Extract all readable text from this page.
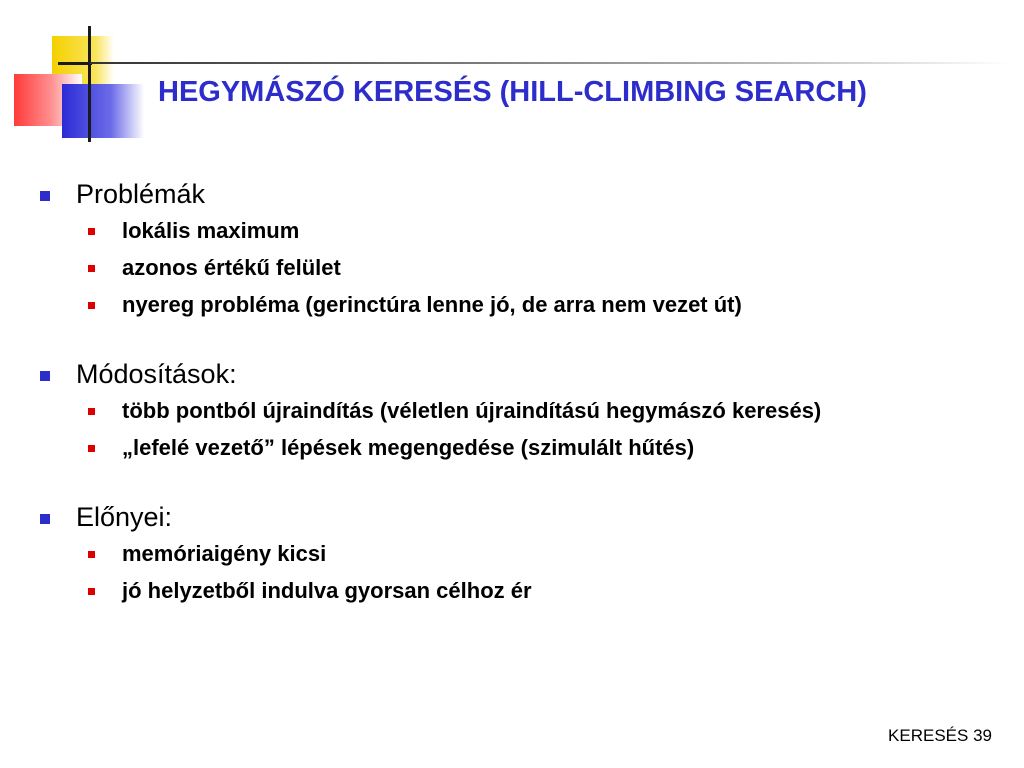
HEGYMÁSZÓ KERESÉS (HILL-CLIMBING SEARCH)
Problémák
lokális maximum
azonos értékű felület
nyereg probléma (gerinctúra lenne jó, de arra nem vezet út)
Módosítások:
több pontból újraindítás (véletlen újraindítású hegymászó keresés)
„lefelé vezető” lépések megengedése (szimulált hűtés)
Előnyei:
memóriaigény kicsi
jó helyzetből indulva gyorsan célhoz ér
KERESÉS 39
